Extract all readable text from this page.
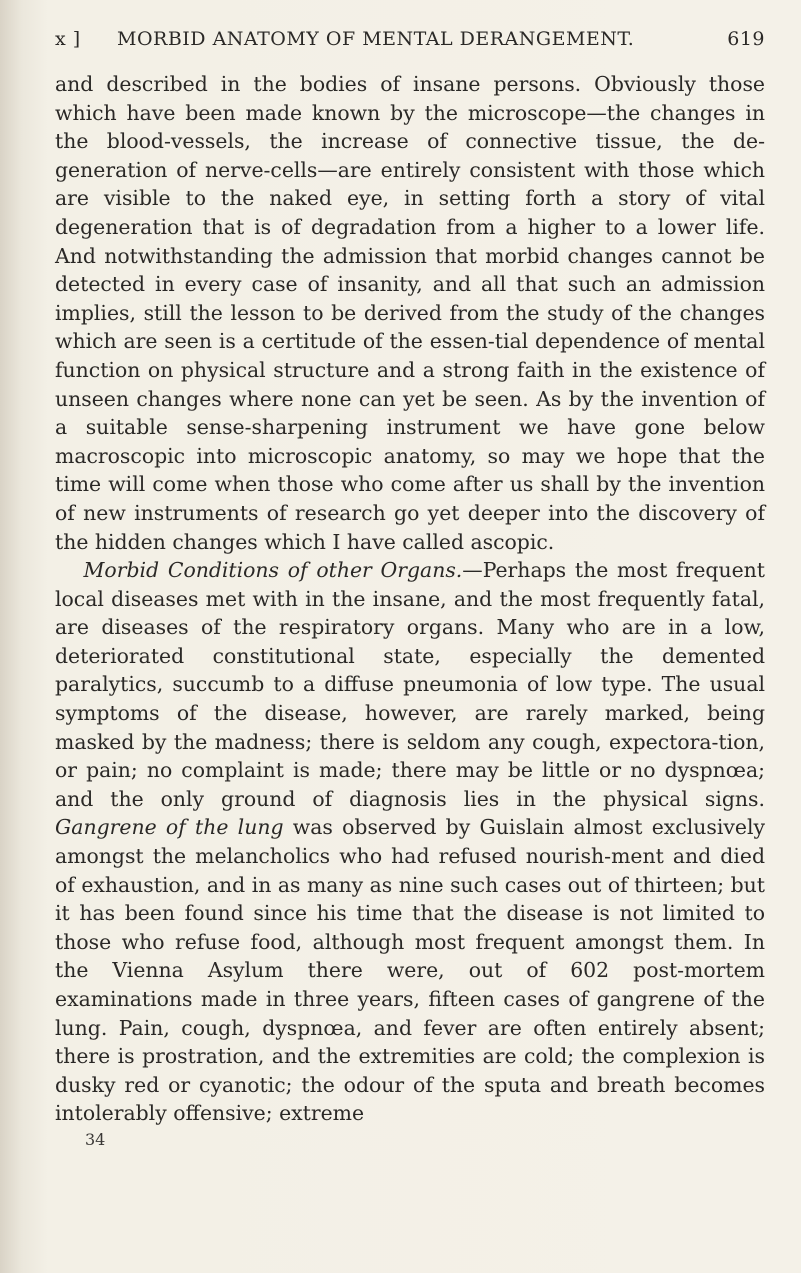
x ] MORBID ANATOMY OF MENTAL DERANGEMENT.	619

and described in the bodies of insane persons. Obviously those which have been made known by the microscope—the changes in the blood-vessels, the increase of connective tissue, the de-generation of nerve-cells—are entirely consistent with those which are visible to the naked eye, in setting forth a story of vital degeneration that is of degradation from a higher to a lower life. And notwithstanding the admission that morbid changes cannot be detected in every case of insanity, and all that such an admission implies, still the lesson to be derived from the study of the changes which are seen is a certitude of the essen-tial dependence of mental function on physical structure and a strong faith in the existence of unseen changes where none can yet be seen. As by the invention of a suitable sense-sharpening instrument we have gone below macroscopic into microscopic anatomy, so may we hope that the time will come when those who come after us shall by the invention of new instruments of research go yet deeper into the discovery of the hidden changes which I have called ascopic.

Morbid Conditions of other Organs.—Perhaps the most frequent local diseases met with in the insane, and the most frequently fatal, are diseases of the respiratory organs. Many who are in a low, deteriorated constitutional state, especially the demented paralytics, succumb to a diffuse pneumonia of low type. The usual symptoms of the disease, however, are rarely marked, being masked by the madness; there is seldom any cough, expectora-tion, or pain; no complaint is made; there may be little or no dyspnœa; and the only ground of diagnosis lies in the physical signs. Gangrene of the lung was observed by Guislain almost exclusively amongst the melancholics who had refused nourish-ment and died of exhaustion, and in as many as nine such cases out of thirteen; but it has been found since his time that the disease is not limited to those who refuse food, although most frequent amongst them. In the Vienna Asylum there were, out of 602 post-mortem examinations made in three years, fifteen cases of gangrene of the lung. Pain, cough, dyspnœa, and fever are often entirely absent; there is prostration, and the extremities are cold; the complexion is dusky red or cyanotic; the odour of the sputa and breath becomes intolerably offensive; extreme

34
